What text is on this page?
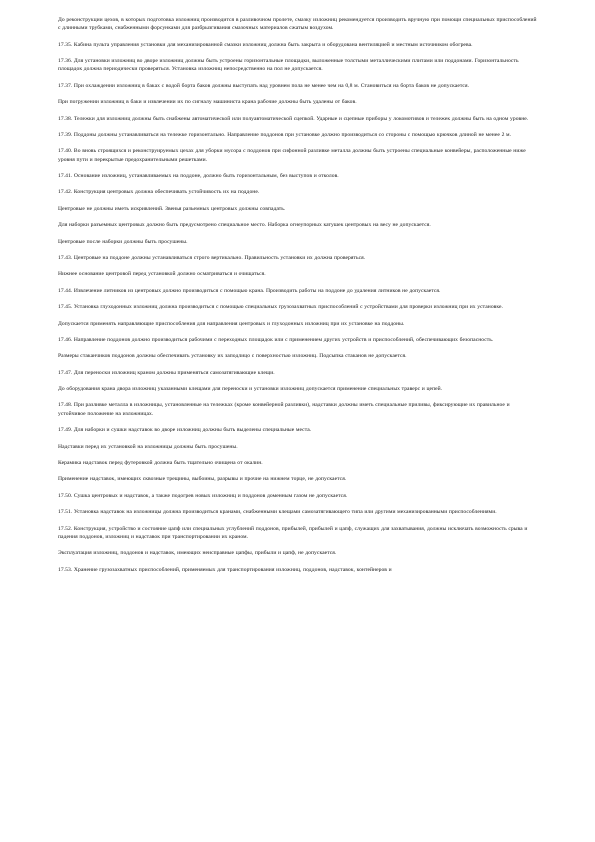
До реконструкции цехов, в которых подготовка изложниц производится в разливочном пролете, смазку изложниц рекомендуется производить вручную при помощи специальных приспособлений с длинными трубками, снабженными форсунками для разбрызгивания смазочных материалов сжатым воздухом.

17.35. Кабина пульта управления установки для механизированной смазки изложниц должна быть закрыта и оборудована вентиляцией и местным источником обогрева.

17.36. Для установки изложниц во дворе изложниц должны быть устроены горизонтальные площадки, выложенные толстыми металлическими плитами или поддонами. Горизонтальность площадок должна периодически проверяться. Установка изложниц непосредственно на пол не допускается.

17.37. При охлаждении изложниц в баках с водой борта баков должны выступать над уровнем пола не менее чем на 0,8 м. Становиться на борта баков не допускается.

При погружении изложниц в баки и извлечении их по сигналу машиниста крана рабочие должны быть удалены от баков.

17.38. Тележки для изложниц должны быть снабжены автоматической или полуавтоматической сцепкой. Ударные и сцепные приборы у локомотивов и тележек должны быть на одном уровне.

17.39. Поддоны должны устанавливаться на тележке горизонтально. Направление поддонов при установке должно производиться со стороны с помощью крючков длиной не менее 2 м.

17.40. Во вновь строящихся и реконструируемых цехах для уборки мусора с поддонов при сифонной разливке металла должны быть устроены специальные конвейеры, расположенные ниже уровня пути и перекрытые предохранительными решетками.

17.41. Основание изложниц, устанавливаемых на поддоне, должно быть горизонтальным, без выступов и отколов.

17.42. Конструкция центровых должна обеспечивать устойчивость их на поддоне.

Центровые не должны иметь искривлений. Звенья разъемных центровых должны совпадать.

Для наборки разъемных центровых должно быть предусмотрено специальное место. Наборка огнеупорных катушек центровых на весу не допускается.

Центровые после наборки должны быть просушены.

17.43. Центровые на поддоне должны устанавливаться строго вертикально. Правильность установки их должна проверяться.

Нижнее основание центровой перед установкой должно осматриваться и очищаться.

17.44. Извлечение литников из центровых должно производиться с помощью крана. Производить работы на поддоне до удаления литников не допускается.

17.45. Установка глуходонных изложниц должна производиться с помощью специальных грузозахватных приспособлений с устройствами для проверки изложниц при их установке.

Допускается применять направляющие приспособления для направления центровых и глуходонных изложниц при их установке на поддоны.

17.46. Направление поддонов должно производиться рабочими с переходных площадок или с применением других устройств и приспособлений, обеспечивающих безопасность.

Размеры стаканчиков поддонов должны обеспечивать установку их заподлицо с поверхностью изложниц. Подсыпка стаканов не допускается.

17.47. Для переноски изложниц краном должны применяться самозатягивающие клещи.

До оборудования крана двора изложниц указанными клещами для переноски и установки изложниц допускается применение специальных траверс и цепей.

17.48. При разливке металла в изложницы, установленные на тележках (кроме конвейерной разливки), надставки должны иметь специальные приливы, фиксирующие их правильное и устойчивое положение на изложницах.

17.49. Для наборки и сушки надставок во дворе изложниц должны быть выделены специальные места.

Надставки перед их установкой на изложницы должны быть просушены.

Керамика надставок перед футеровкой должна быть тщательно очищена от окалин.

Применение надставок, имеющих сквозные трещины, выбоины, разрывы и прочие на нижнем торце, не допускается.

17.50. Сушка центровых и надставок, а также подогрев новых изложниц и поддонов доменным газом не допускается.

17.51. Установка надставок на изложницы должна производиться кранами, снабженными клещами самозатягивающего типа или другими механизированными приспособлениями.

17.52. Конструкция, устройство и состояние цапф или специальных углублений поддонов, прибылей, прибылей и цапф, служащих для захватывания, должны исключать возможность срыва и падения поддонов, изложниц и надставок при транспортировании их краном.

Эксплуатация изложниц, поддонов и надставок, имеющих неисправные цапфы, прибыли и цапф, не допускается.

17.53. Хранение грузозахватных приспособлений, применяемых для транспортирования изложниц, поддонов, надставок, контейнеров и
